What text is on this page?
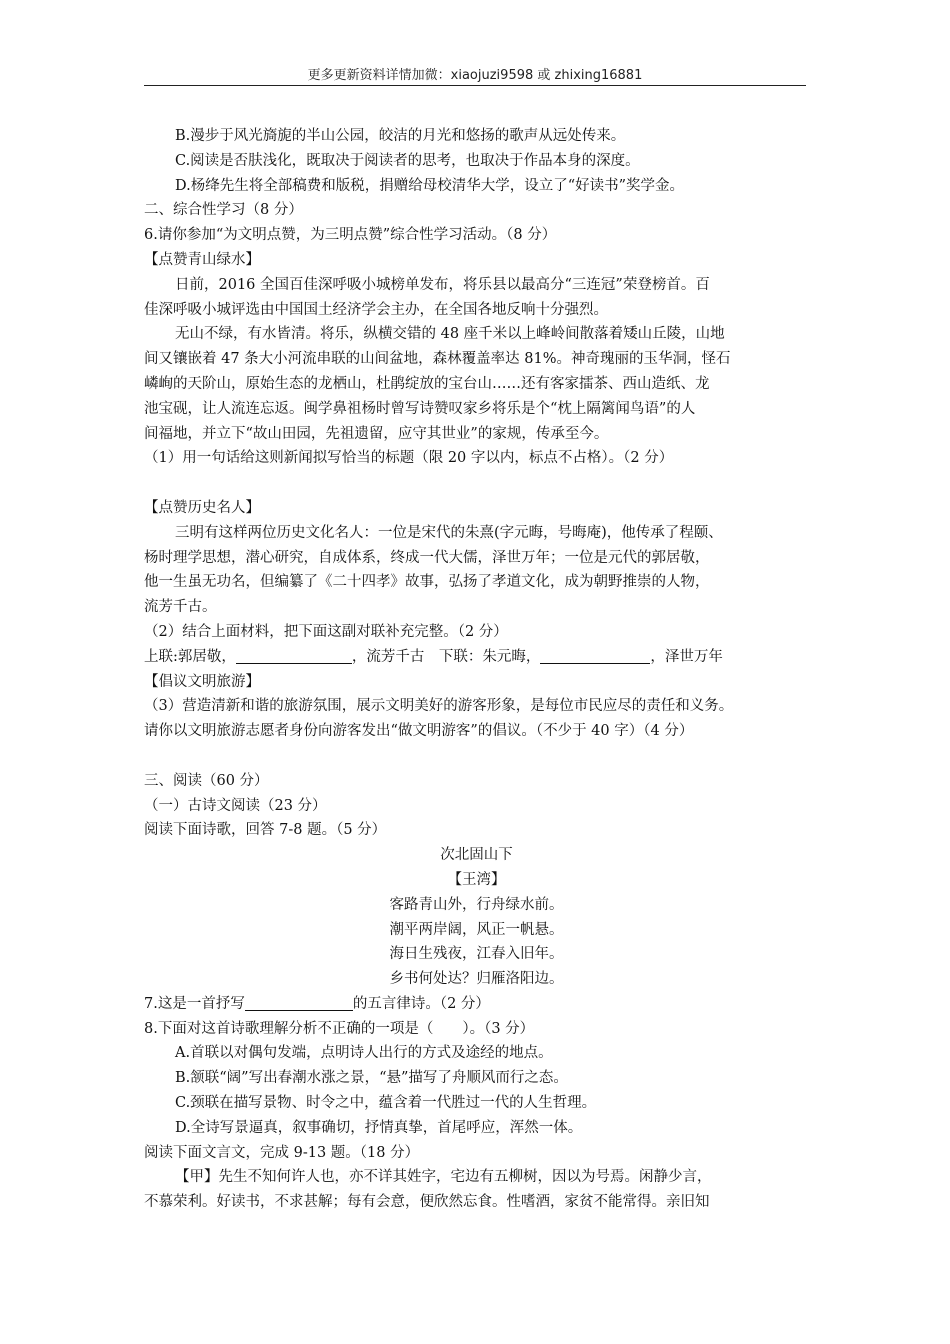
更多更新资料详情加微：xiaojuzi9598 或 zhixing16881
B.漫步于风光旖旎的半山公园，皎洁的月光和悠扬的歌声从远处传来。
C.阅读是否肤浅化，既取决于阅读者的思考，也取决于作品本身的深度。
D.杨绛先生将全部稿费和版税，捐赠给母校清华大学，设立了“好读书”奖学金。
二、综合性学习（8 分）
6.请你参加“为文明点赞，为三明点赞”综合性学习活动。（8 分）
【点赞青山绿水】
日前，2016 全国百佳深呼吸小城榜单发布，将乐县以最高分“三连冠”荣登榜首。百
佳深呼吸小城评选由中国国土经济学会主办，在全国各地反响十分强烈。
无山不绿，有水皆清。将乐，纵横交错的 48 座千米以上峰岭间散落着矮山丘陵，山地
间又镶嵌着 47 条大小河流串联的山间盆地，森林覆盖率达 81%。神奇瑰丽的玉华洞，怪石
嶙峋的天阶山，原始生态的龙栖山，杜鹃绽放的宝台山……还有客家擂茶、西山造纸、龙
池宝砚，让人流连忘返。闽学鼻祖杨时曾写诗赞叹家乡将乐是个“枕上隔篱闻鸟语”的人
间福地，并立下“故山田园，先祖遗留，应守其世业”的家规，传承至今。
（1）用一句话给这则新闻拟写恰当的标题（限 20 字以内，标点不占格）。（2 分）
【点赞历史名人】
三明有这样两位历史文化名人：一位是宋代的朱熹(字元晦，号晦庵)，他传承了程颐、
杨时理学思想，潜心研究，自成体系，终成一代大儒，泽世万年；一位是元代的郭居敬，
他一生虽无功名，但编纂了《二十四孝》故事，弘扬了孝道文化，成为朝野推崇的人物，
流芳千古。
（2）结合上面材料，把下面这副对联补充完整。（2 分）
上联:郭居敬，	，流芳千古　下联：朱元晦，	，泽世万年
【倡议文明旅游】
（3）营造清新和谐的旅游氛围，展示文明美好的游客形象，是每位市民应尽的责任和义务。
请你以文明旅游志愿者身份向游客发出“做文明游客”的倡议。（不少于 40 字）（4 分）
三、阅读（60 分）
（一）古诗文阅读（23 分）
阅读下面诗歌，回答 7-8 题。（5 分）
次北固山下
【王湾】
客路青山外，行舟绿水前。
潮平两岸阔，风正一帆悬。
海日生残夜，江春入旧年。
乡书何处达？归雁洛阳边。
7.这是一首抒写	的五言律诗。（2 分）
8.下面对这首诗歌理解分析不正确的一项是（　　）。（3 分）
A.首联以对偶句发端，点明诗人出行的方式及途经的地点。
B.颔联“阔”写出春潮水涨之景，“悬”描写了舟顺风而行之态。
C.颈联在描写景物、时令之中，蕴含着一代胜过一代的人生哲理。
D.全诗写景逼真，叙事确切，抒情真挚，首尾呼应，浑然一体。
阅读下面文言文，完成 9-13 题。（18 分）
【甲】先生不知何许人也，亦不详其姓字，宅边有五柳树，因以为号焉。闲静少言，
不慕荣利。好读书，不求甚解；每有会意，便欣然忘食。性嗜酒，家贫不能常得。亲旧知
